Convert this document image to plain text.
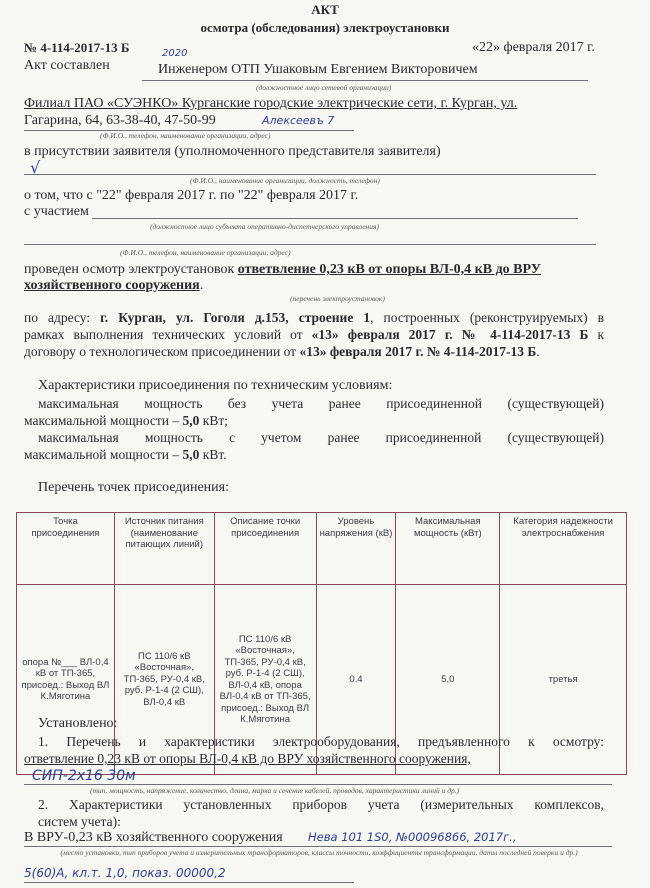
АКТ
осмотра (обследования) электроустановки
№ 4-114-2017-13 Б	«22» февраля 2017 г.
2020
Акт составлен	Инженером ОТП Ушаковым Евгением Викторовичем
(должностное лицо сетевой организации)
Филиал ПАО «СУЭНКО» Курганские городские электрические сети, г. Курган, ул.
Гагарина, 64, 63-38-40, 47-50-99	Алексеевъ 7
(Ф.И.О., телефон, наименование организации, адрес)
в присутствии заявителя (уполномоченного представителя заявителя)
√
(Ф.И.О., наименование организации, должность, телефон)
о том, что с "22" февраля 2017 г. по "22" февраля 2017 г.
с участием
(должностное лицо субъекта оперативно-диспетчерского управления)
(Ф.И.О., телефон, наименование организации, адрес)
проведен осмотр электроустановок ответвление 0,23 кВ от опоры ВЛ-0,4 кВ до ВРУ
хозяйственного сооружения.
(перечень электроустановок)
по адресу: г. Курган, ул. Гоголя д.153, строение 1, построенных (реконструируемых) в
рамках выполнения технических условий от «13» февраля 2017 г. № 4-114-2017-13 Б к
договору о технологическом присоединении от «13» февраля 2017 г. № 4-114-2017-13 Б.
Характеристики присоединения по техническим условиям:
максимальная мощность без учета ранее присоединенной (существующей)
максимальной мощности – 5,0 кВт;
максимальная мощность с учетом ранее присоединенной (существующей)
максимальной мощности – 5,0 кВт.
Перечень точек присоединения:
Точка присоединения	Источник питания (наименование питающих линий)	Описание точки присоединения	Уровень напряжения (кВ)	Максимальная мощность (кВт)	Категория надежности электроснабжения
опора №___ ВЛ-0,4 кВ от ТП-365, присоед.: Выход ВЛ К.Мяготина	ПС 110/6 кВ «Восточная», ТП-365, РУ-0,4 кВ, руб. Р-1-4 (2 СШ), ВЛ-0,4 кВ	ПС 110/6 кВ «Восточная», ТП-365, РУ-0,4 кВ, руб. Р-1-4 (2 СШ), ВЛ-0,4 кВ, опора ВЛ-0,4 кВ от ТП-365, присоед.: Выход ВЛ К.Мяготина	0.4	5,0	третья
Установлено:
1. Перечень и характеристики электрооборудования, предъявленного к осмотру:
ответвление 0,23 кВ от опоры ВЛ-0,4 кВ до ВРУ хозяйственного сооружения,
СИП-2х16 30м
(тип, мощность, напряжение, количество, длина, марка и сечение кабелей, проводов, характеристики линий и др.)
2. Характеристики установленных приборов учета (измерительных комплексов,
систем учета):
В ВРУ-0,23 кВ хозяйственного сооружения Нева 101 1S0, №00096866, 2017г.,
(место установки, тип приборов учета и измерительных трансформаторов, классы точности, коэффициенты трансформации, даты последней поверки и др.)
5(60)А, кл.т. 1,0, показ. 00000,2
